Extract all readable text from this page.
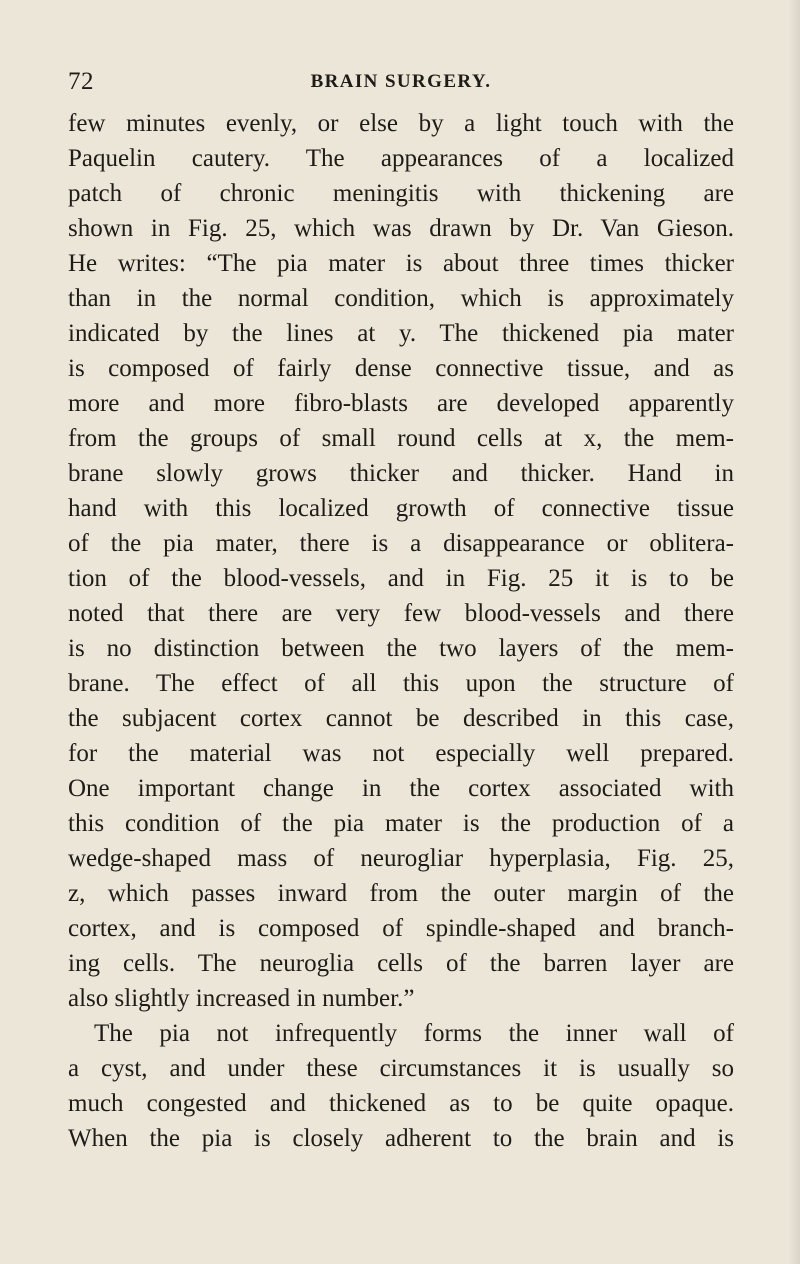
72	BRAIN SURGERY.
few minutes evenly, or else by a light touch with the
Paquelin cautery. The appearances of a localized
patch of chronic meningitis with thickening are
shown in Fig. 25, which was drawn by Dr. Van Gieson.
He writes: “The pia mater is about three times thicker
than in the normal condition, which is approximately
indicated by the lines at y. The thickened pia mater
is composed of fairly dense connective tissue, and as
more and more fibro-blasts are developed apparently
from the groups of small round cells at x, the mem-
brane slowly grows thicker and thicker. Hand in
hand with this localized growth of connective tissue
of the pia mater, there is a disappearance or oblitera-
tion of the blood-vessels, and in Fig. 25 it is to be
noted that there are very few blood-vessels and there
is no distinction between the two layers of the mem-
brane. The effect of all this upon the structure of
the subjacent cortex cannot be described in this case,
for the material was not especially well prepared.
One important change in the cortex associated with
this condition of the pia mater is the production of a
wedge-shaped mass of neurogliar hyperplasia, Fig. 25,
z, which passes inward from the outer margin of the
cortex, and is composed of spindle-shaped and branch-
ing cells. The neuroglia cells of the barren layer are
also slightly increased in number.”
The pia not infrequently forms the inner wall of
a cyst, and under these circumstances it is usually so
much congested and thickened as to be quite opaque.
When the pia is closely adherent to the brain and is
